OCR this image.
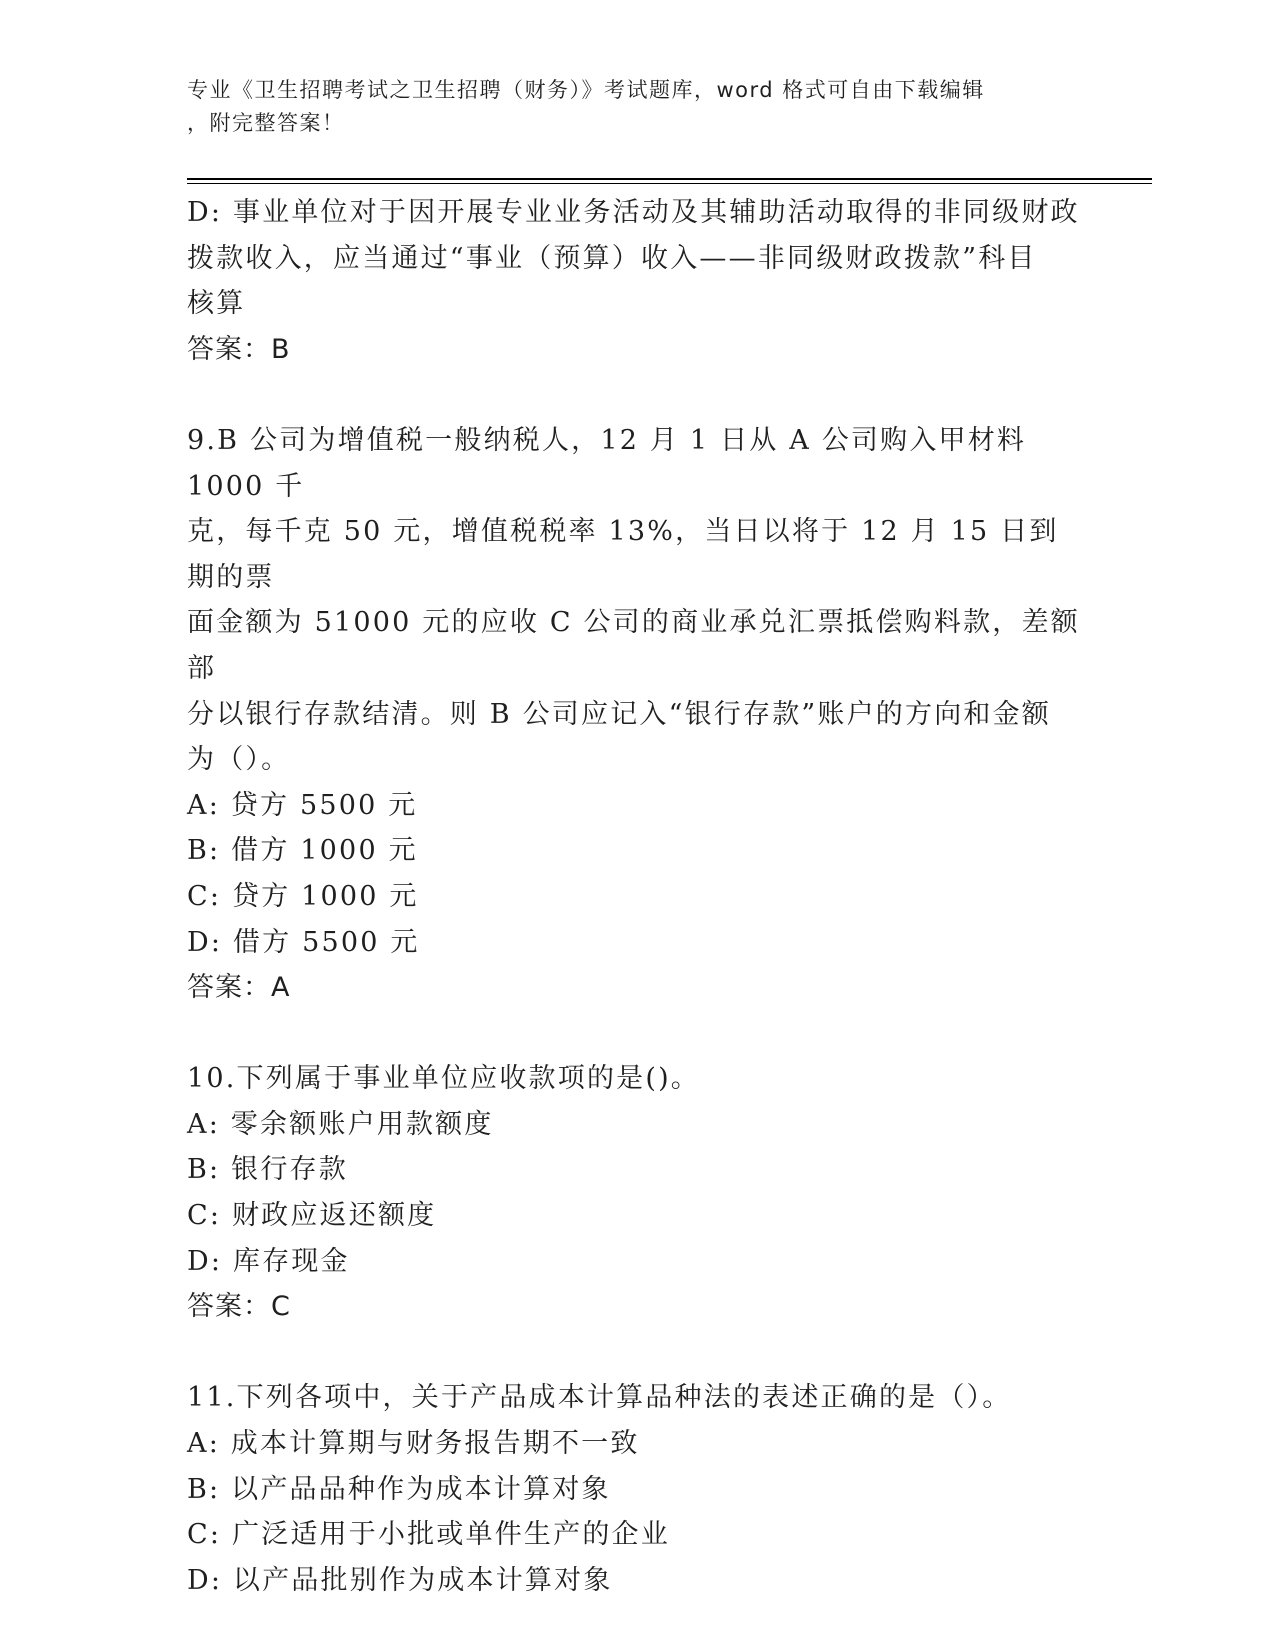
专业《卫生招聘考试之卫生招聘（财务）》考试题库，word 格式可自由下载编辑
，附完整答案！

D: 事业单位对于因开展专业业务活动及其辅助活动取得的非同级财政

拨款收入，应当通过“事业（预算）收入——非同级财政拨款”科目

核算

答案：B

9.B 公司为增值税一般纳税人，12 月 1 日从 A 公司购入甲材料 1000 千

克，每千克 50 元，增值税税率 13%，当日以将于 12 月 15 日到期的票

面金额为 51000 元的应收 C 公司的商业承兑汇票抵偿购料款，差额部

分以银行存款结清。则 B 公司应记入“银行存款”账户的方向和金额

为（）。

A: 贷方 5500 元

B: 借方 1000 元

C: 贷方 1000 元

D: 借方 5500 元

答案：A

10.下列属于事业单位应收款项的是()。

A: 零余额账户用款额度

B: 银行存款

C: 财政应返还额度

D: 库存现金

答案：C

11.下列各项中，关于产品成本计算品种法的表述正确的是（）。

A: 成本计算期与财务报告期不一致

B: 以产品品种作为成本计算对象

C: 广泛适用于小批或单件生产的企业

D: 以产品批别作为成本计算对象
